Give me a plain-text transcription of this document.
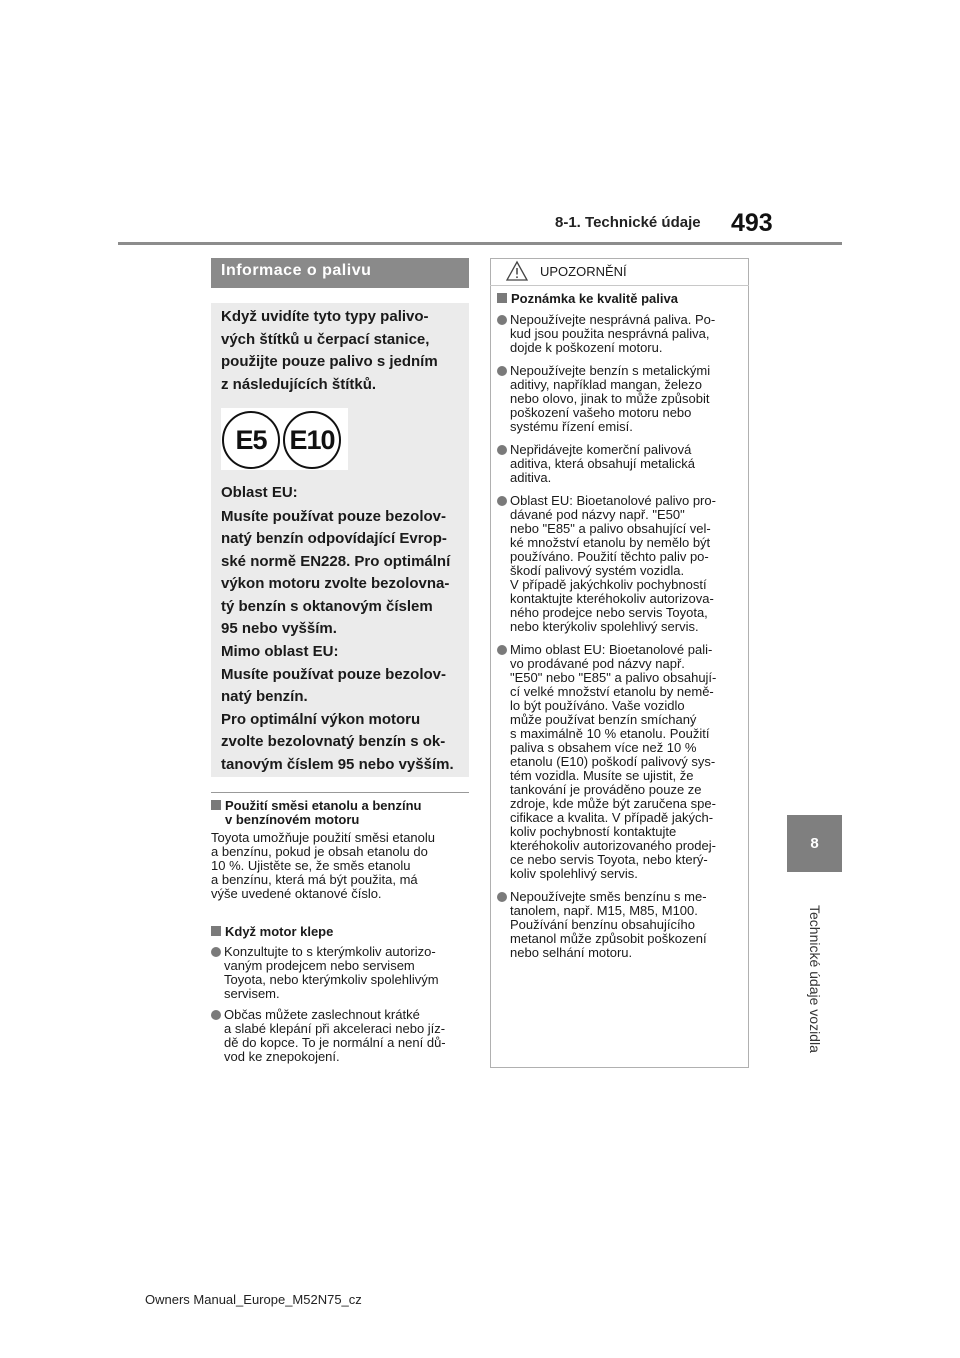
8-1. Technické údaje 493
8
Technické údaje vozidla
Informace o palivu
Když uvidíte tyto typy palivo-
vých štítků u čerpací stanice,
použijte pouze palivo s jedním
z následujících štítků.
E5 E10
Oblast EU:
Musíte používat pouze bezolov-
natý benzín odpovídající Evrop-
ské normě EN228. Pro optimální
výkon motoru zvolte bezolovna-
tý benzín s oktanovým číslem
95 nebo vyšším.
Mimo oblast EU:
Musíte používat pouze bezolov-
natý benzín.
Pro optimální výkon motoru
zvolte bezolovnatý benzín s ok-
tanovým číslem 95 nebo vyšším.
Použití směsi etanolu a benzínu
v benzínovém motoru
Toyota umožňuje použití směsi etanolu
a benzínu, pokud je obsah etanolu do
10 %. Ujistěte se, že směs etanolu
a benzínu, která má být použita, má
výše uvedené oktanové číslo.
Když motor klepe
Konzultujte to s kterýmkoliv autorizo-
vaným prodejcem nebo servisem
Toyota, nebo kterýmkoliv spolehlivým
servisem.
Občas můžete zaslechnout krátké
a slabé klepání při akceleraci nebo jíz-
dě do kopce. To je normální a není dů-
vod ke znepokojení.
UPOZORNĚNÍ
Poznámka ke kvalitě paliva
Nepoužívejte nesprávná paliva. Po-
kud jsou použita nesprávná paliva,
dojde k poškození motoru.
Nepoužívejte benzín s metalickými
aditivy, například mangan, železo
nebo olovo, jinak to může způsobit
poškození vašeho motoru nebo
systému řízení emisí.
Nepřidávejte komerční palivová
aditiva, která obsahují metalická
aditiva.
Oblast EU: Bioetanolové palivo pro-
dávané pod názvy např. "E50"
nebo "E85" a palivo obsahující vel-
ké množství etanolu by nemělo být
používáno. Použití těchto paliv po-
škodí palivový systém vozidla.
V případě jakýchkoliv pochybností
kontaktujte kteréhokoliv autorizova-
ného prodejce nebo servis Toyota,
nebo kterýkoliv spolehlivý servis.
Mimo oblast EU: Bioetanolové pali-
vo prodávané pod názvy např.
"E50" nebo "E85" a palivo obsahují-
cí velké množství etanolu by nemě-
lo být používáno. Vaše vozidlo
může používat benzín smíchaný
s maximálně 10 % etanolu. Použití
paliva s obsahem více než 10 %
etanolu (E10) poškodí palivový sys-
tém vozidla. Musíte se ujistit, že
tankování je prováděno pouze ze
zdroje, kde může být zaručena spe-
cifikace a kvalita. V případě jakých-
koliv pochybností kontaktujte
kteréhokoliv autorizovaného prodej-
ce nebo servis Toyota, nebo který-
koliv spolehlivý servis.
Nepoužívejte směs benzínu s me-
tanolem, např. M15, M85, M100.
Používání benzínu obsahujícího
metanol může způsobit poškození
nebo selhání motoru.
Owners Manual_Europe_M52N75_cz
